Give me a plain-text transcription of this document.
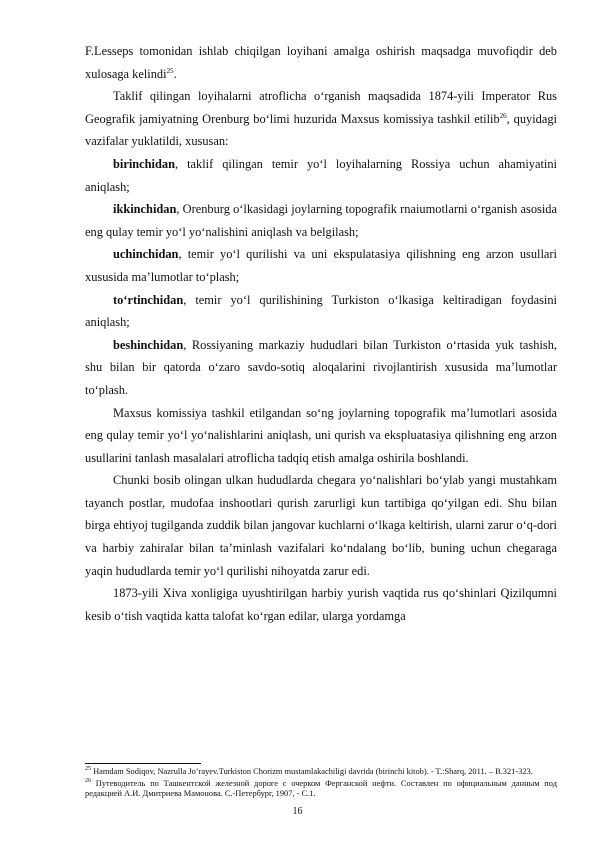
F.Lesseps tomonidan ishlab chiqilgan loyihani amalga oshirish maqsadga muvofiqdir deb xulosaga kelindi$^{25}$.

Taklif qilingan loyihalarni atroflicha o‘rganish maqsadida 1874-yili Imperator Rus Geografik jamiyatning Orenburg bo‘limi huzurida Maxsus komissiya tashkil etilib$^{26}$, quyidagi vazifalar yuklatildi, xususan:

birinchidan, taklif qilingan temir yo‘l loyihalarning Rossiya uchun ahamiyatini aniqlash;

ikkinchidan, Orenburg o‘lkasidagi joylarning topografik rnaiumotlarni o‘rganish asosida eng qulay temir yo‘l yo‘nalishini aniqlash va belgilash;

uchinchidan, temir yo‘l qurilishi va uni ekspulatasiya qilishning eng arzon usullari xususida ma’lumotlar to‘plash;

to‘rtinchidan, temir yo‘l qurilishining Turkiston o‘lkasiga keltiradigan foydasini aniqlash;

beshinchidan, Rossiyaning markaziy hududlari bilan Turkiston o‘rtasida yuk tashish, shu bilan bir qatorda o‘zaro savdo-sotiq aloqalarini rivojlantirish xususida ma’lumotlar to‘plash.

Maxsus komissiya tashkil etilgandan so‘ng joylarning topografik ma’lumotlari asosida eng qulay temir yo‘l yo‘nalishlarini aniqlash, uni qurish va ekspluatasiya qilishning eng arzon usullarini tanlash masalalari atroflicha tadqiq etish amalga oshirila boshlandi.

Chunki bosib olingan ulkan hududlarda chegara yo‘nalishlari bo‘ylab yangi mustahkam tayanch postlar, mudofaa inshootlari qurish zarurligi kun tartibiga qo‘yilgan edi. Shu bilan birga ehtiyoj tugilganda zuddik bilan jangovar kuchlarni o‘lkaga keltirish, ularni zarur o‘q-dori va harbiy zahiralar bilan ta’minlash vazifalari ko‘ndalang bo‘lib, buning uchun chegaraga yaqin hududlarda temir yo‘l qurilishi nihoyatda zarur edi.

1873-yili Xiva xonligiga uyushtirilgan harbiy yurish vaqtida rus qo‘shinlari Qizilqumni kesib o‘tish vaqtida katta talofat ko‘rgan edilar, ularga yordamga

$^{25}$ Hamdam Sodiqov, Nazrulla Jo‘rayev.Turkiston Chorizm mustamlakachiligi davrida (birinchi kitob). - T.:Sharq, 2011. – B.321-323.

$^{26}$ Путеводитель по Ташкентской железной дороге с очерком Ферганской нефти. Составлен по официальным данным под редакцией А.И. Дмитриева Мамонова. С.-Петербург, 1907, - С.1.

16
